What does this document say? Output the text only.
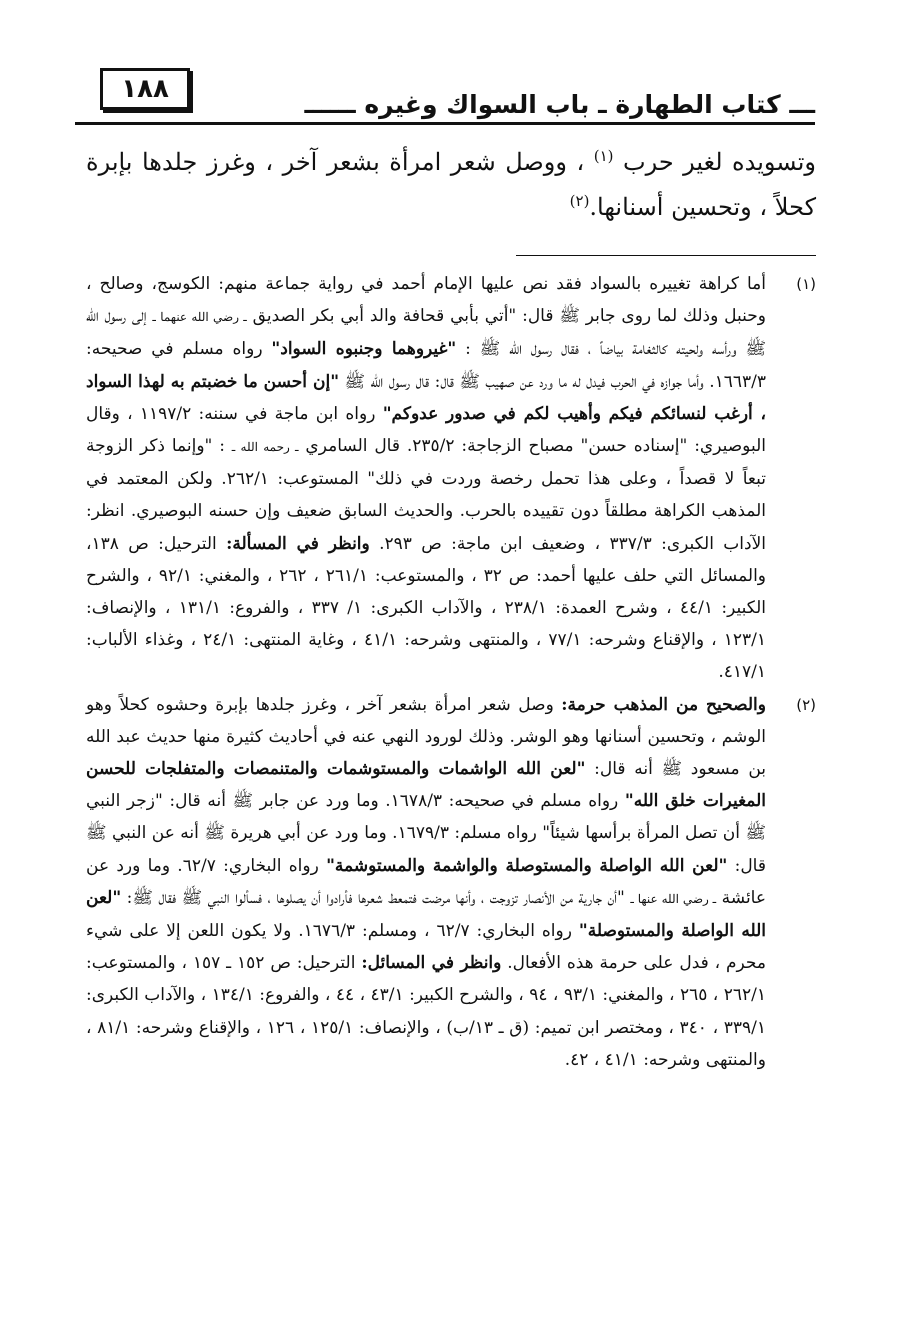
١٨٨
ـــ كتاب الطهارة ـ باب السواك وغيره ــــــ

وتسويده لغير حرب $^{(١)}$ ، ووصل شعر امرأة بشعر آخر ، وغرز جلدها بإبرة كحلاً ، وتحسين أسنانها.$^{(٢)}$

(١)

أما كراهة تغييره بالسواد فقد نص عليها الإمام أحمد في رواية جماعة منهم: الكوسج، وصالح ، وحنبل وذلك لما روى جابر ﷺ قال: "أتي بأبي قحافة والد أبي بكر الصديق ـ رضي الله عنهما ـ إلى رسول الله ﷺ ورأسه ولحيته كالثغامة بياضاً ، فقال رسول الله ﷺ : "غيروهما وجنبوه السواد" رواه مسلم في صحيحه: ١٦٦٣/٣. وأما جوازه في الحرب فيدل له ما ورد عن صهيب ﷺ قال: قال رسول الله ﷺ "إن أحسن ما خضبتم به لهذا السواد ، أرغب لنسائكم فيكم وأهيب لكم في صدور عدوكم" رواه ابن ماجة في سننه: ١١٩٧/٢ ، وقال البوصيري: "إسناده حسن" مصباح الزجاجة: ٢٣٥/٢. قال السامري ـ رحمه الله ـ : "وإنما ذكر الزوجة تبعاً لا قصداً ، وعلى هذا تحمل رخصة وردت في ذلك" المستوعب: ٢٦٢/١. ولكن المعتمد في المذهب الكراهة مطلقاً دون تقييده بالحرب. والحديث السابق ضعيف وإن حسنه البوصيري. انظر: الآداب الكبرى: ٣٣٧/٣ ، وضعيف ابن ماجة: ص ٢٩٣. وانظر في المسألة: الترحيل: ص ١٣٨، والمسائل التي حلف عليها أحمد: ص ٣٢ ، والمستوعب: ٢٦١/١ ، ٢٦٢ ، والمغني: ٩٢/١ ، والشرح الكبير: ٤٤/١ ، وشرح العمدة: ٢٣٨/١ ، والآداب الكبرى: ١/ ٣٣٧ ، والفروع: ١٣١/١ ، والإنصاف: ١٢٣/١ ، والإقناع وشرحه: ٧٧/١ ، والمنتهى وشرحه: ٤١/١ ، وغاية المنتهى: ٢٤/١ ، وغذاء الألباب: ٤١٧/١.

(٢)

والصحيح من المذهب حرمة: وصل شعر امرأة بشعر آخر ، وغرز جلدها بإبرة وحشوه كحلاً وهو الوشم ، وتحسين أسنانها وهو الوشر. وذلك لورود النهي عنه في أحاديث كثيرة منها حديث عبد الله بن مسعود ﷺ أنه قال: "لعن الله الواشمات والمستوشمات والمتنمصات والمتفلجات للحسن المغيرات خلق الله" رواه مسلم في صحيحه: ١٦٧٨/٣. وما ورد عن جابر ﷺ أنه قال: "زجر النبي ﷺ أن تصل المرأة برأسها شيئاً" رواه مسلم: ١٦٧٩/٣. وما ورد عن أبي هريرة ﷺ أنه عن النبي ﷺ قال: "لعن الله الواصلة والمستوصلة والواشمة والمستوشمة" رواه البخاري: ٦٢/٧. وما ورد عن عائشة ـ رضي الله عنها ـ "أن جارية من الأنصار تزوجت ، وأنها مرضت فتمعط شعرها فأرادوا أن يصلوها ، فسألوا النبي ﷺ فقال ﷺ: "لعن الله الواصلة والمستوصلة" رواه البخاري: ٦٢/٧ ، ومسلم: ١٦٧٦/٣. ولا يكون اللعن إلا على شيء محرم ، فدل على حرمة هذه الأفعال. وانظر في المسائل: الترحيل: ص ١٥٢ ـ ١٥٧ ، والمستوعب: ٢٦٢/١ ، ٢٦٥ ، والمغني: ٩٣/١ ، ٩٤ ، والشرح الكبير: ٤٣/١ ، ٤٤ ، والفروع: ١٣٤/١ ، والآداب الكبرى: ٣٣٩/١ ، ٣٤٠ ، ومختصر ابن تميم: (ق ـ ١٣/ب) ، والإنصاف: ١٢٥/١ ، ١٢٦ ، والإقناع وشرحه: ٨١/١ ، والمنتهى وشرحه: ٤١/١ ، ٤٢.
